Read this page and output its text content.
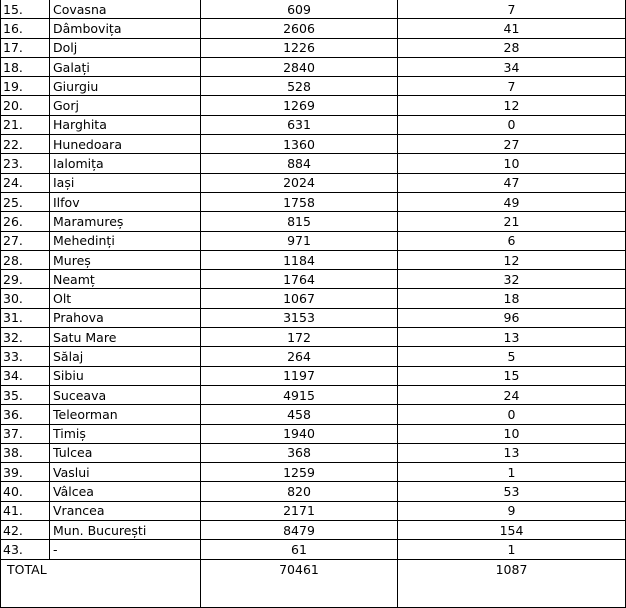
15.	Covasna	609	7
16.	Dâmbovița	2606	41
17.	Dolj	1226	28
18.	Galați	2840	34
19.	Giurgiu	528	7
20.	Gorj	1269	12
21.	Harghita	631	0
22.	Hunedoara	1360	27
23.	Ialomița	884	10
24.	Iași	2024	47
25.	Ilfov	1758	49
26.	Maramureș	815	21
27.	Mehedinți	971	6
28.	Mureș	1184	12
29.	Neamț	1764	32
30.	Olt	1067	18
31.	Prahova	3153	96
32.	Satu Mare	172	13
33.	Sălaj	264	5
34.	Sibiu	1197	15
35.	Suceava	4915	24
36.	Teleorman	458	0
37.	Timiș	1940	10
38.	Tulcea	368	13
39.	Vaslui	1259	1
40.	Vâlcea	820	53
41.	Vrancea	2171	9
42.	Mun. București	8479	154
43.	-	61	1
TOTAL		70461	1087
